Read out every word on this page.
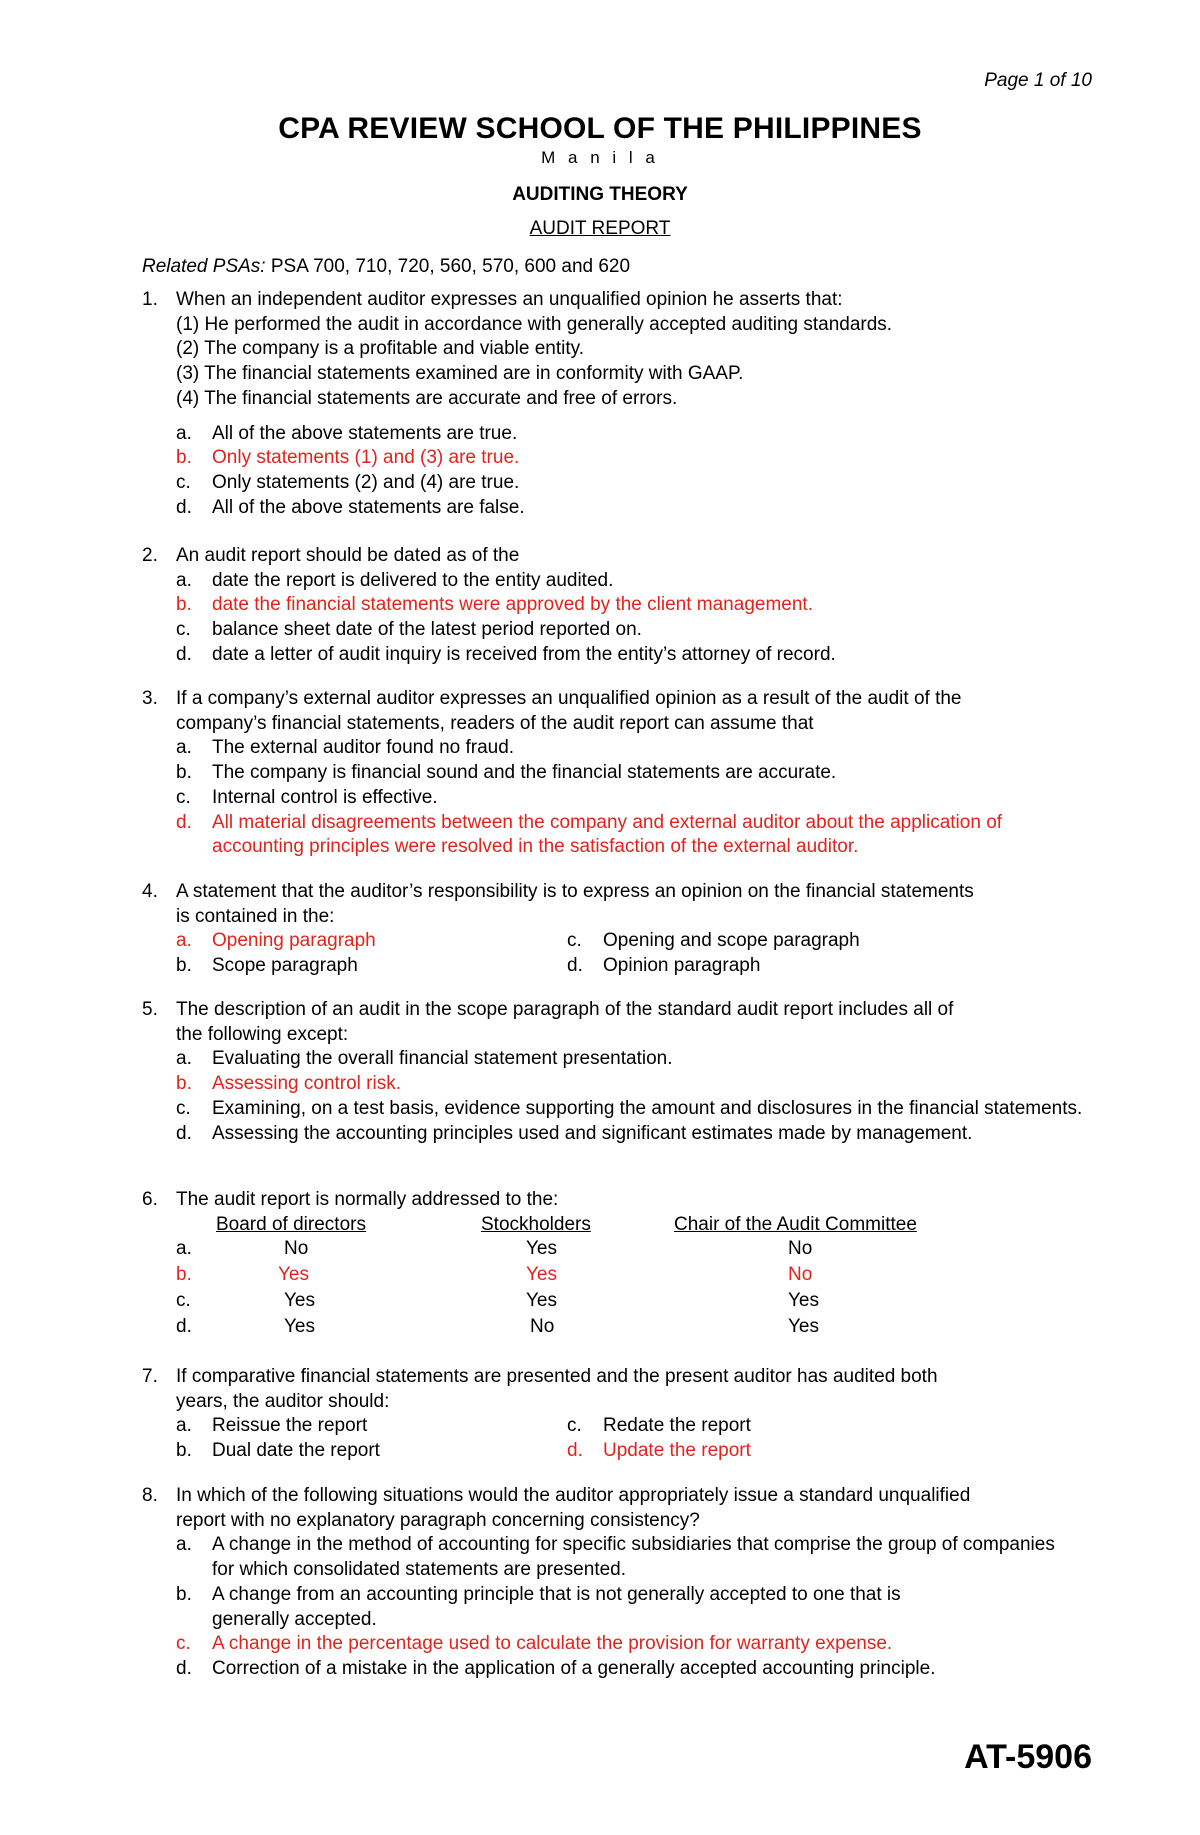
Page 1 of 10
CPA REVIEW SCHOOL OF THE PHILIPPINES
M a n i l a
AUDITING THEORY
AUDIT REPORT
Related PSAs: PSA 700, 710, 720, 560, 570, 600 and 620
1. When an independent auditor expresses an unqualified opinion he asserts that:
(1) He performed the audit in accordance with generally accepted auditing standards.
(2) The company is a profitable and viable entity.
(3) The financial statements examined are in conformity with GAAP.
(4) The financial statements are accurate and free of errors.
a. All of the above statements are true.
b. Only statements (1) and (3) are true.
c. Only statements (2) and (4) are true.
d. All of the above statements are false.
2. An audit report should be dated as of the
a. date the report is delivered to the entity audited.
b. date the financial statements were approved by the client management.
c. balance sheet date of the latest period reported on.
d. date a letter of audit inquiry is received from the entity’s attorney of record.
3. If a company’s external auditor expresses an unqualified opinion as a result of the audit of the
company’s financial statements, readers of the audit report can assume that
a. The external auditor found no fraud.
b. The company is financial sound and the financial statements are accurate.
c. Internal control is effective.
d. All material disagreements between the company and external auditor about the application of accounting principles were resolved in the satisfaction of the external auditor.
4. A statement that the auditor’s responsibility is to express an opinion on the financial statements
is contained in the:
a. Opening paragraph	c. Opening and scope paragraph
b. Scope paragraph	d. Opinion paragraph
5. The description of an audit in the scope paragraph of the standard audit report includes all of
the following except:
a. Evaluating the overall financial statement presentation.
b. Assessing control risk.
c. Examining, on a test basis, evidence supporting the amount and disclosures in the financial statements.
d. Assessing the accounting principles used and significant estimates made by management.
6. The audit report is normally addressed to the:
Board of directors	Stockholders	Chair of the Audit Committee
a.	No	Yes	No
b.	Yes	Yes	No
c.	Yes	Yes	Yes
d.	Yes	No	Yes
7. If comparative financial statements are presented and the present auditor has audited both
years, the auditor should:
a. Reissue the report	c. Redate the report
b. Dual date the report	d. Update the report
8. In which of the following situations would the auditor appropriately issue a standard unqualified
report with no explanatory paragraph concerning consistency?
a. A change in the method of accounting for specific subsidiaries that comprise the group of companies for which consolidated statements are presented.
b. A change from an accounting principle that is not generally accepted to one that is generally accepted.
c. A change in the percentage used to calculate the provision for warranty expense.
d. Correction of a mistake in the application of a generally accepted accounting principle.
AT-5906
